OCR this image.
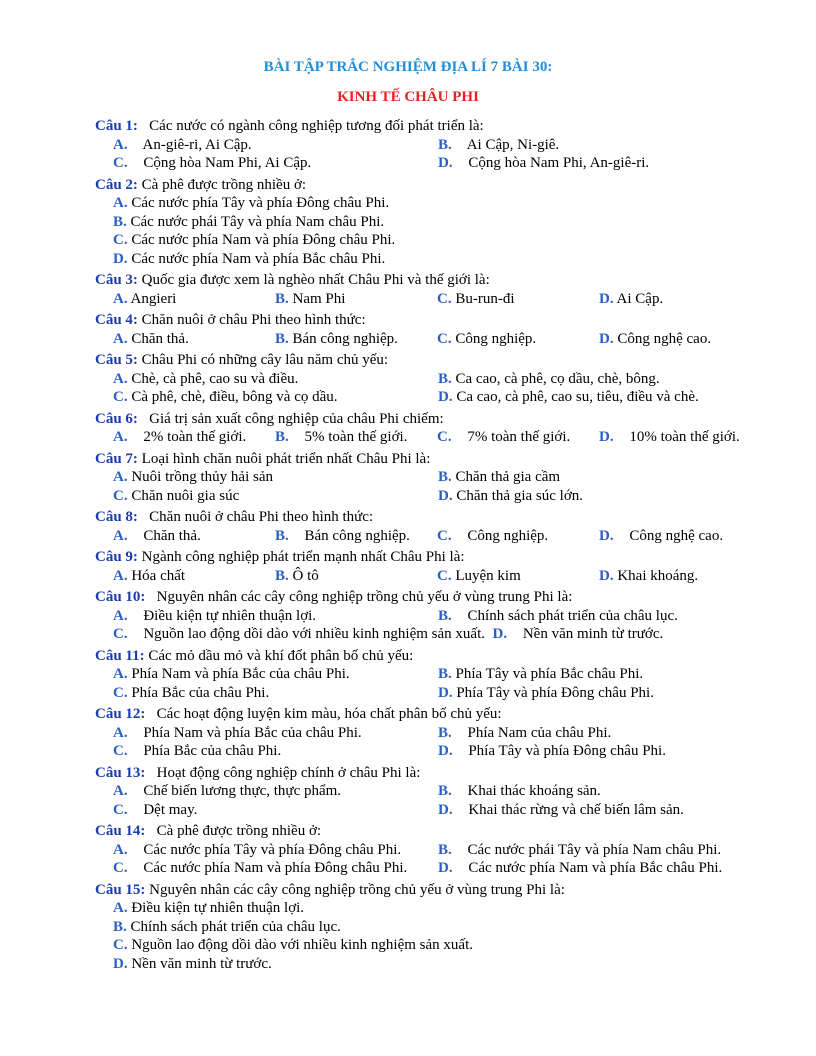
BÀI TẬP TRẮC NGHIỆM ĐỊA LÍ 7 BÀI 30:
KINH TẾ CHÂU PHI
Câu 1: Các nước có ngành công nghiệp tương đối phát triển là:
A. An-giê-ri, Ai Cập.	B. Ai Cập, Ni-giê.
C. Cộng hòa Nam Phi, Ai Cập.	D. Cộng hòa Nam Phi, An-giê-ri.
Câu 2: Cà phê được trồng nhiều ở:
A. Các nước phía Tây và phía Đông châu Phi.
B. Các nước phái Tây và phía Nam châu Phi.
C. Các nước phía Nam và phía Đông châu Phi.
D. Các nước phía Nam và phía Bắc châu Phi.
Câu 3: Quốc gia được xem là nghèo nhất Châu Phi và thế giới là:
A. Angieri	B. Nam Phi	C. Bu-run-đi	D. Ai Cập.
Câu 4: Chăn nuôi ở châu Phi theo hình thức:
A. Chăn thả.	B. Bán công nghiệp.	C. Công nghiệp.	D. Công nghệ cao.
Câu 5: Châu Phi có những cây lâu năm chủ yếu:
A. Chè, cà phê, cao su và điều.	B. Ca cao, cà phê, cọ dầu, chè, bông.
C. Cà phê, chè, điều, bông và cọ dầu.	D. Ca cao, cà phê, cao su, tiêu, điều và chè.
Câu 6: Giá trị sản xuất công nghiệp của châu Phi chiếm:
A. 2% toàn thế giới.	B. 5% toàn thế giới.	C. 7% toàn thế giới.	D. 10% toàn thế giới.
Câu 7: Loại hình chăn nuôi phát triển nhất Châu Phi là:
A. Nuôi trồng thủy hải sản	B. Chăn thả gia cầm
C. Chăn nuôi gia súc	D. Chăn thả gia súc lớn.
Câu 8: Chăn nuôi ở châu Phi theo hình thức:
A. Chăn thả.	B. Bán công nghiệp.	C. Công nghiệp.	D. Công nghệ cao.
Câu 9: Ngành công nghiệp phát triển mạnh nhất Châu Phi là:
A. Hóa chất	B. Ô tô	C. Luyện kim	D. Khai khoáng.
Câu 10: Nguyên nhân các cây công nghiệp trồng chủ yếu ở vùng trung Phi là:
A. Điều kiện tự nhiên thuận lợi.	B. Chính sách phát triển của châu lục.
C. Nguồn lao động dồi dào với nhiều kinh nghiệm sản xuất.
D. Nền văn minh từ trước.
Câu 11: Các mỏ dầu mỏ và khí đốt phân bố chủ yếu:
A. Phía Nam và phía Bắc của châu Phi.	B. Phía Tây và phía Bắc châu Phi.
C. Phía Bắc của châu Phi.	D. Phía Tây và phía Đông châu Phi.
Câu 12: Các hoạt động luyện kim màu, hóa chất phân bố chủ yếu:
A. Phía Nam và phía Bắc của châu Phi.	B. Phía Nam của châu Phi.
C. Phía Bắc của châu Phi.	D. Phía Tây và phía Đông châu Phi.
Câu 13: Hoạt động công nghiệp chính ở châu Phi là:
A. Chế biến lương thực, thực phẩm.	B. Khai thác khoáng sản.
C. Dệt may.	D. Khai thác rừng và chế biến lâm sản.
Câu 14: Cà phê được trồng nhiều ở:
A. Các nước phía Tây và phía Đông châu Phi.	B. Các nước phái Tây và phía Nam châu Phi.
C. Các nước phía Nam và phía Đông châu Phi.	D. Các nước phía Nam và phía Bắc châu Phi.
Câu 15: Nguyên nhân các cây công nghiệp trồng chủ yếu ở vùng trung Phi là:
A. Điều kiện tự nhiên thuận lợi.
B. Chính sách phát triển của châu lục.
C. Nguồn lao động dồi dào với nhiều kinh nghiệm sản xuất.
D. Nền văn minh từ trước.
